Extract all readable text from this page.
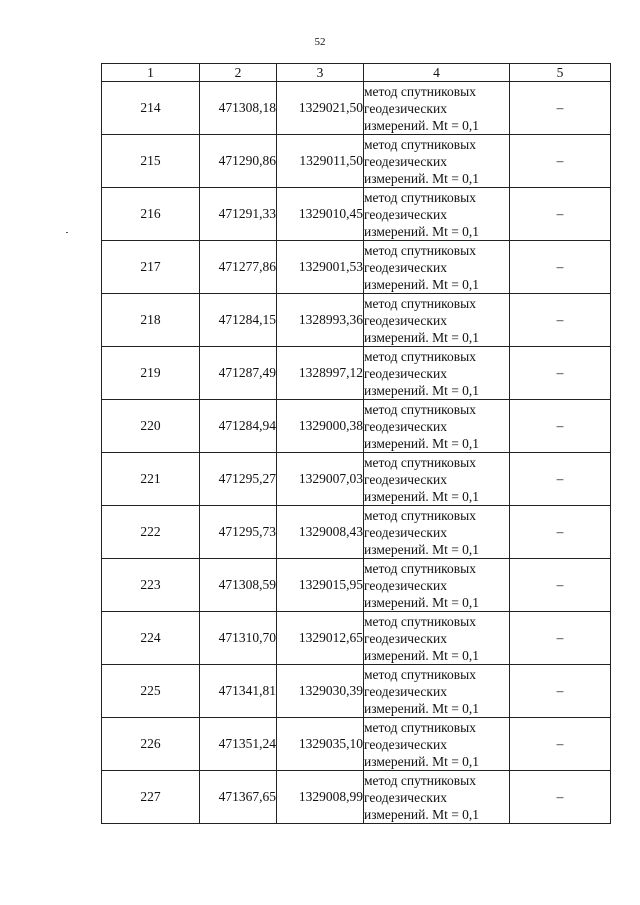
52
1	2	3	4	5
214	471308,18	1329021,50	метод спутниковых
геодезических
измерений. Mt = 0,1	–
215	471290,86	1329011,50	метод спутниковых
геодезических
измерений. Mt = 0,1	–
216	471291,33	1329010,45	метод спутниковых
геодезических
измерений. Mt = 0,1	–
217	471277,86	1329001,53	метод спутниковых
геодезических
измерений. Mt = 0,1	–
218	471284,15	1328993,36	метод спутниковых
геодезических
измерений. Mt = 0,1	–
219	471287,49	1328997,12	метод спутниковых
геодезических
измерений. Mt = 0,1	–
220	471284,94	1329000,38	метод спутниковых
геодезических
измерений. Mt = 0,1	–
221	471295,27	1329007,03	метод спутниковых
геодезических
измерений. Mt = 0,1	–
222	471295,73	1329008,43	метод спутниковых
геодезических
измерений. Mt = 0,1	–
223	471308,59	1329015,95	метод спутниковых
геодезических
измерений. Mt = 0,1	–
224	471310,70	1329012,65	метод спутниковых
геодезических
измерений. Mt = 0,1	–
225	471341,81	1329030,39	метод спутниковых
геодезических
измерений. Mt = 0,1	–
226	471351,24	1329035,10	метод спутниковых
геодезических
измерений. Mt = 0,1	–
227	471367,65	1329008,99	метод спутниковых
геодезических
измерений. Mt = 0,1	–
